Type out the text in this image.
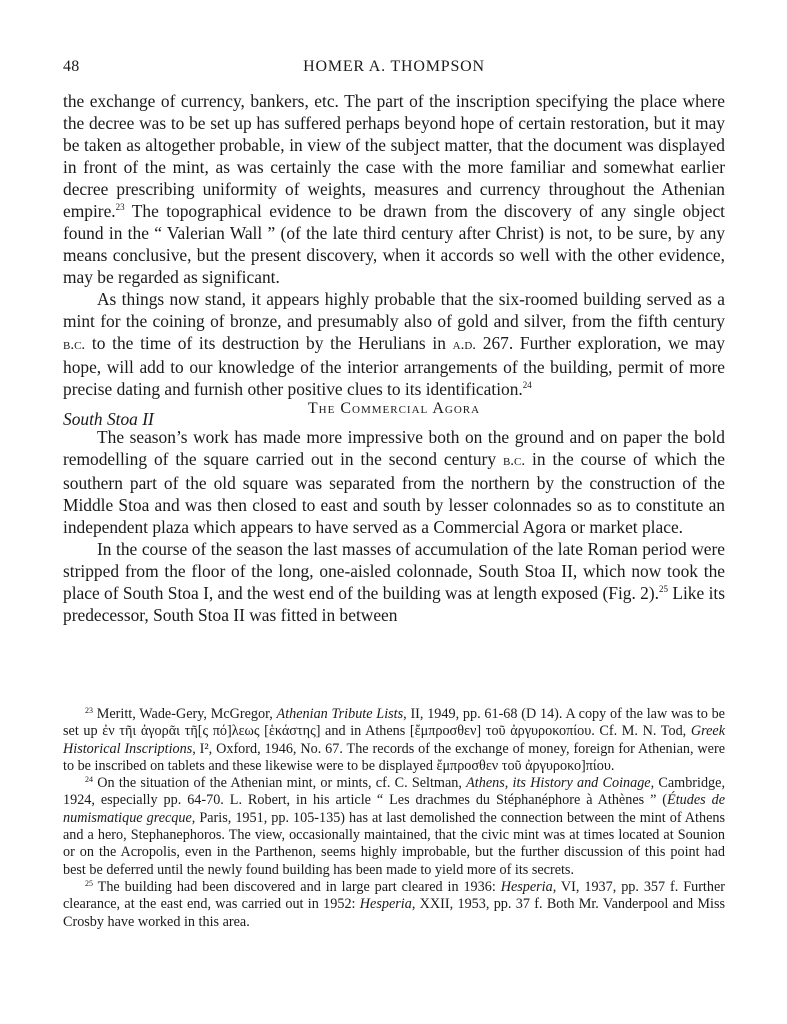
48	HOMER A. THOMPSON

the exchange of currency, bankers, etc. The part of the inscription specifying the place where the decree was to be set up has suffered perhaps beyond hope of certain restoration, but it may be taken as altogether probable, in view of the subject matter, that the document was displayed in front of the mint, as was certainly the case with the more familiar and somewhat earlier decree prescribing uniformity of weights, measures and currency throughout the Athenian empire.$^{23}$ The topographical evidence to be drawn from the discovery of any single object found in the “ Valerian Wall ” (of the late third century after Christ) is not, to be sure, by any means conclusive, but the present discovery, when it accords so well with the other evidence, may be regarded as significant.

As things now stand, it appears highly probable that the six-roomed building served as a mint for the coining of bronze, and presumably also of gold and silver, from the fifth century b.c. to the time of its destruction by the Herulians in a.d. 267. Further exploration, we may hope, will add to our knowledge of the interior arrangements of the building, permit of more precise dating and furnish other positive clues to its identification.$^{24}$

The Commercial Agora
South Stoa II

The season’s work has made more impressive both on the ground and on paper the bold remodelling of the square carried out in the second century b.c. in the course of which the southern part of the old square was separated from the northern by the construction of the Middle Stoa and was then closed to east and south by lesser colonnades so as to constitute an independent plaza which appears to have served as a Commercial Agora or market place.

In the course of the season the last masses of accumulation of the late Roman period were stripped from the floor of the long, one-aisled colonnade, South Stoa II, which now took the place of South Stoa I, and the west end of the building was at length exposed (Fig. 2).$^{25}$ Like its predecessor, South Stoa II was fitted in between

$^{23}$ Meritt, Wade-Gery, McGregor, Athenian Tribute Lists, II, 1949, pp. 61-68 (D 14). A copy of the law was to be set up ἐν τῆι ἀγορᾶι τῆ[ς πό]λεως [ἑκάστης] and in Athens [ἔμπροσθεν] τοῦ ἀργυροκοπίου. Cf. M. N. Tod, Greek Historical Inscriptions, I², Oxford, 1946, No. 67. The records of the exchange of money, foreign for Athenian, were to be inscribed on tablets and these likewise were to be displayed ἔμπροσθεν τοῦ ἀργυροκο]πίου.

$^{24}$ On the situation of the Athenian mint, or mints, cf. C. Seltman, Athens, its History and Coinage, Cambridge, 1924, especially pp. 64-70. L. Robert, in his article “ Les drachmes du Stéphanéphore à Athènes ” (Études de numismatique grecque, Paris, 1951, pp. 105-135) has at last demolished the connection between the mint of Athens and a hero, Stephanephoros. The view, occasionally maintained, that the civic mint was at times located at Sounion or on the Acropolis, even in the Parthenon, seems highly improbable, but the further discussion of this point had best be deferred until the newly found building has been made to yield more of its secrets.

$^{25}$ The building had been discovered and in large part cleared in 1936: Hesperia, VI, 1937, pp. 357 f. Further clearance, at the east end, was carried out in 1952: Hesperia, XXII, 1953, pp. 37 f. Both Mr. Vanderpool and Miss Crosby have worked in this area.
